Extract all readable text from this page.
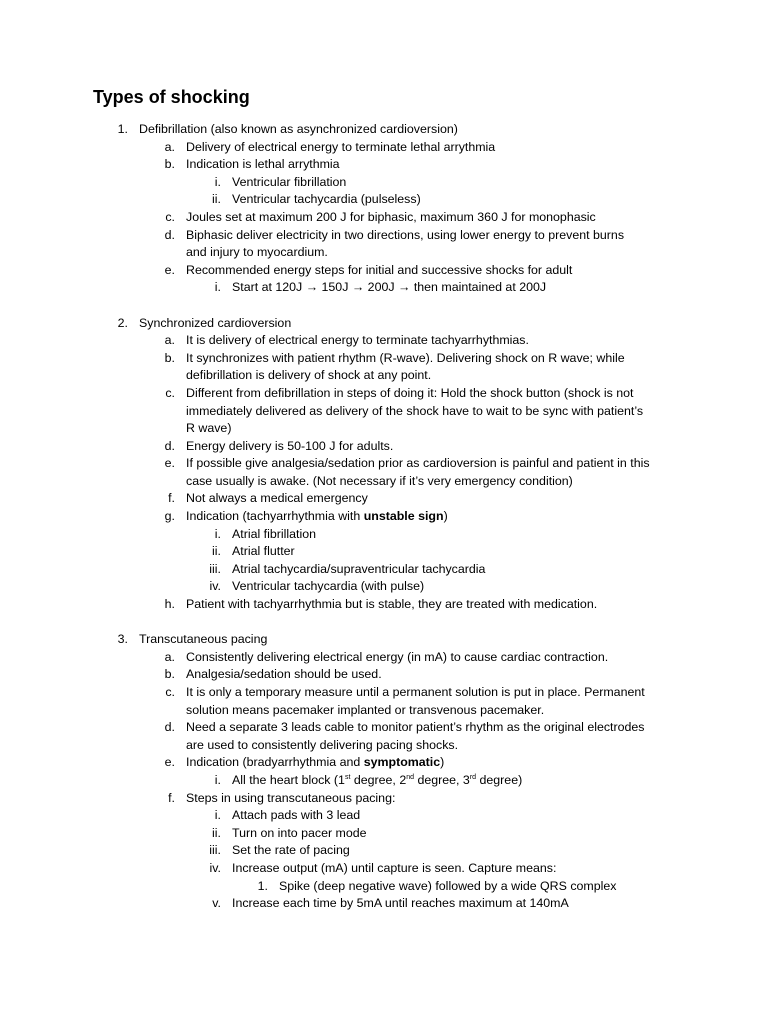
Types of shocking
1. Defibrillation (also known as asynchronized cardioversion)
a. Delivery of electrical energy to terminate lethal arrythmia
b. Indication is lethal arrythmia
i. Ventricular fibrillation
ii. Ventricular tachycardia (pulseless)
c. Joules set at maximum 200 J for biphasic, maximum 360 J for monophasic
d. Biphasic deliver electricity in two directions, using lower energy to prevent burns
and injury to myocardium.
e. Recommended energy steps for initial and successive shocks for adult
i. Start at 120J → 150J → 200J → then maintained at 200J
2. Synchronized cardioversion
a. It is delivery of electrical energy to terminate tachyarrhythmias.
b. It synchronizes with patient rhythm (R-wave). Delivering shock on R wave; while
defibrillation is delivery of shock at any point.
c. Different from defibrillation in steps of doing it: Hold the shock button (shock is not
immediately delivered as delivery of the shock have to wait to be sync with patient’s
R wave)
d. Energy delivery is 50-100 J for adults.
e. If possible give analgesia/sedation prior as cardioversion is painful and patient in this
case usually is awake. (Not necessary if it’s very emergency condition)
f. Not always a medical emergency
g. Indication (tachyarrhythmia with unstable sign)
i. Atrial fibrillation
ii. Atrial flutter
iii. Atrial tachycardia/supraventricular tachycardia
iv. Ventricular tachycardia (with pulse)
h. Patient with tachyarrhythmia but is stable, they are treated with medication.
3. Transcutaneous pacing
a. Consistently delivering electrical energy (in mA) to cause cardiac contraction.
b. Analgesia/sedation should be used.
c. It is only a temporary measure until a permanent solution is put in place. Permanent
solution means pacemaker implanted or transvenous pacemaker.
d. Need a separate 3 leads cable to monitor patient’s rhythm as the original electrodes
are used to consistently delivering pacing shocks.
e. Indication (bradyarrhythmia and symptomatic)
i. All the heart block (1st degree, 2nd degree, 3rd degree)
f. Steps in using transcutaneous pacing:
i. Attach pads with 3 lead
ii. Turn on into pacer mode
iii. Set the rate of pacing
iv. Increase output (mA) until capture is seen. Capture means:
1. Spike (deep negative wave) followed by a wide QRS complex
v. Increase each time by 5mA until reaches maximum at 140mA
